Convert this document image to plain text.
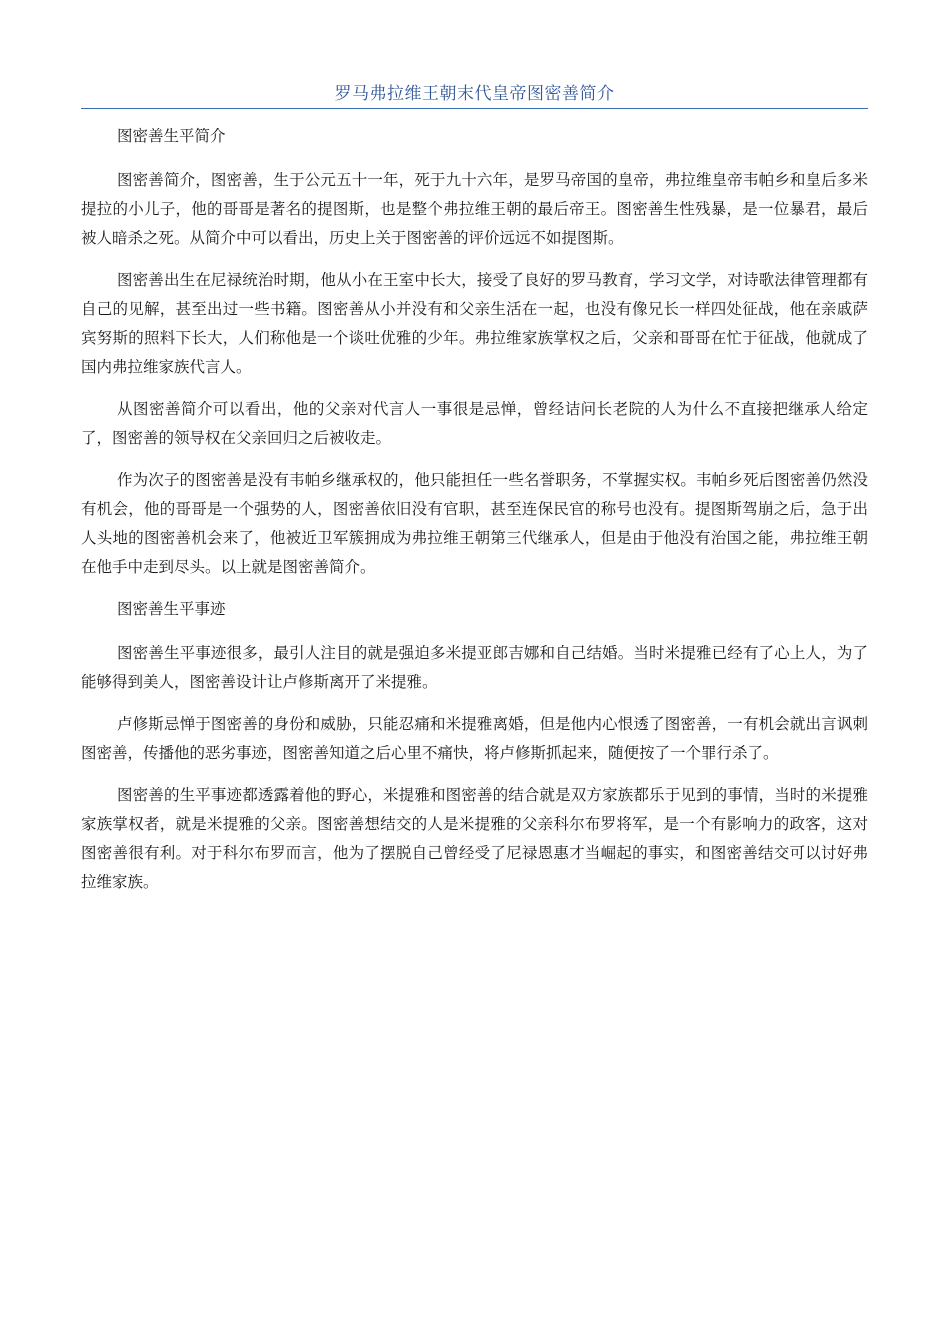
罗马弗拉维王朝末代皇帝图密善简介

图密善生平简介

图密善简介，图密善，生于公元五十一年，死于九十六年，是罗马帝国的皇帝，弗拉维皇帝韦帕乡和皇后多米提拉的小儿子，他的哥哥是著名的提图斯，也是整个弗拉维王朝的最后帝王。图密善生性残暴，是一位暴君，最后被人暗杀之死。从简介中可以看出，历史上关于图密善的评价远远不如提图斯。

图密善出生在尼禄统治时期，他从小在王室中长大，接受了良好的罗马教育，学习文学，对诗歌法律管理都有自己的见解，甚至出过一些书籍。图密善从小并没有和父亲生活在一起，也没有像兄长一样四处征战，他在亲戚萨宾努斯的照料下长大，人们称他是一个谈吐优雅的少年。弗拉维家族掌权之后，父亲和哥哥在忙于征战，他就成了国内弗拉维家族代言人。

从图密善简介可以看出，他的父亲对代言人一事很是忌惮，曾经诘问长老院的人为什么不直接把继承人给定了，图密善的领导权在父亲回归之后被收走。

作为次子的图密善是没有韦帕乡继承权的，他只能担任一些名誉职务，不掌握实权。韦帕乡死后图密善仍然没有机会，他的哥哥是一个强势的人，图密善依旧没有官职，甚至连保民官的称号也没有。提图斯驾崩之后，急于出人头地的图密善机会来了，他被近卫军簇拥成为弗拉维王朝第三代继承人，但是由于他没有治国之能，弗拉维王朝在他手中走到尽头。以上就是图密善简介。

图密善生平事迹

图密善生平事迹很多，最引人注目的就是强迫多米提亚郎吉娜和自己结婚。当时米提雅已经有了心上人，为了能够得到美人，图密善设计让卢修斯离开了米提雅。

卢修斯忌惮于图密善的身份和威胁，只能忍痛和米提雅离婚，但是他内心恨透了图密善，一有机会就出言讽刺图密善，传播他的恶劣事迹，图密善知道之后心里不痛快，将卢修斯抓起来，随便按了一个罪行杀了。

图密善的生平事迹都透露着他的野心，米提雅和图密善的结合就是双方家族都乐于见到的事情，当时的米提雅家族掌权者，就是米提雅的父亲。图密善想结交的人是米提雅的父亲科尔布罗将军，是一个有影响力的政客，这对图密善很有利。对于科尔布罗而言，他为了摆脱自己曾经受了尼禄恩惠才当崛起的事实，和图密善结交可以讨好弗拉维家族。
